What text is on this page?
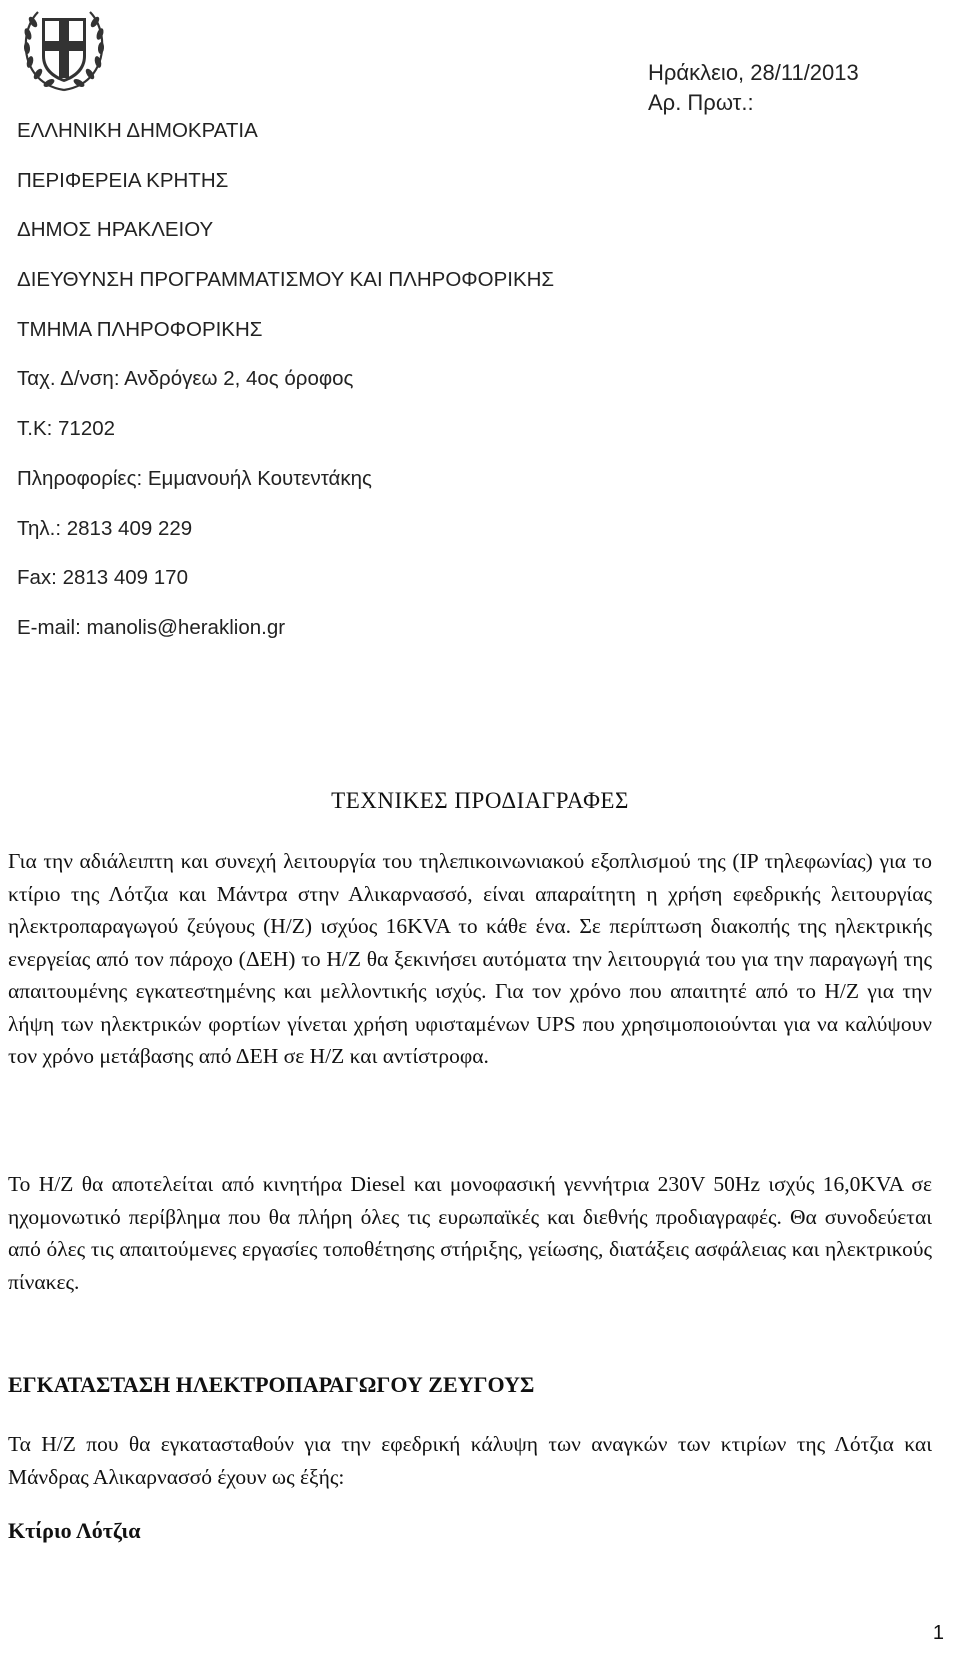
Ηράκλειο, 28/11/2013
Αρ. Πρωτ.:
ΕΛΛΗΝΙΚΗ ΔΗΜΟΚΡΑΤΙΑ
ΠΕΡΙΦΕΡΕΙΑ ΚΡΗΤΗΣ
ΔΗΜΟΣ ΗΡΑΚΛΕΙΟΥ
ΔΙΕΥΘΥΝΣΗ ΠΡΟΓΡΑΜΜΑΤΙΣΜΟΥ ΚΑΙ ΠΛΗΡΟΦΟΡΙΚΗΣ
ΤΜΗΜΑ ΠΛΗΡΟΦΟΡΙΚΗΣ
Ταχ. Δ/νση: Ανδρόγεω 2, 4ος όροφος
Τ.Κ: 71202
Πληροφορίες: Εμμανουήλ Κουτεντάκης
Τηλ.: 2813 409 229
Fax: 2813 409 170
E-mail: manolis@heraklion.gr
ΤΕΧΝΙΚΕΣ ΠΡΟΔΙΑΓΡΑΦΕΣ
Για την αδιάλειπτη και συνεχή λειτουργία του τηλεπικοινωνιακού εξοπλισμού της (IP τηλεφωνίας) για το κτίριο της Λότζια και Μάντρα στην Αλικαρνασσό, είναι απαραίτητη η χρήση εφεδρικής λειτουργίας ηλεκτροπαραγωγού ζεύγους (Η/Ζ) ισχύος 16KVA το κάθε ένα. Σε περίπτωση διακοπής της ηλεκτρικής ενεργείας από τον πάροχο (ΔΕΗ) το Η/Ζ θα ξεκινήσει αυτόματα την λειτουργιά του για την παραγωγή της απαιτουμένης εγκατεστημένης και μελλοντικής ισχύς. Για τον χρόνο που απαιτητέ από το Η/Ζ για την λήψη των ηλεκτρικών φορτίων γίνεται χρήση υφισταμένων UPS που χρησιμοποιούνται για να καλύψουν τον χρόνο μετάβασης από ΔΕΗ σε Η/Ζ και αντίστροφα.
Το Η/Ζ θα αποτελείται από κινητήρα Diesel και μονοφασική γεννήτρια 230V 50Hz ισχύς 16,0KVA σε ηχομονωτικό περίβλημα που θα πλήρη όλες τις ευρωπαϊκές και διεθνής προδιαγραφές. Θα συνοδεύεται από όλες τις απαιτούμενες εργασίες τοποθέτησης στήριξης, γείωσης, διατάξεις ασφάλειας και ηλεκτρικούς πίνακες.
ΕΓΚΑΤΑΣΤΑΣΗ ΗΛΕΚΤΡΟΠΑΡΑΓΩΓΟΥ ΖΕΥΓΟΥΣ
Τα Η/Ζ που θα εγκατασταθούν για την εφεδρική κάλυψη των αναγκών των κτιρίων της Λότζια και Μάνδρας Αλικαρνασσό έχουν ως έξής:
Κτίριο Λότζια
1
